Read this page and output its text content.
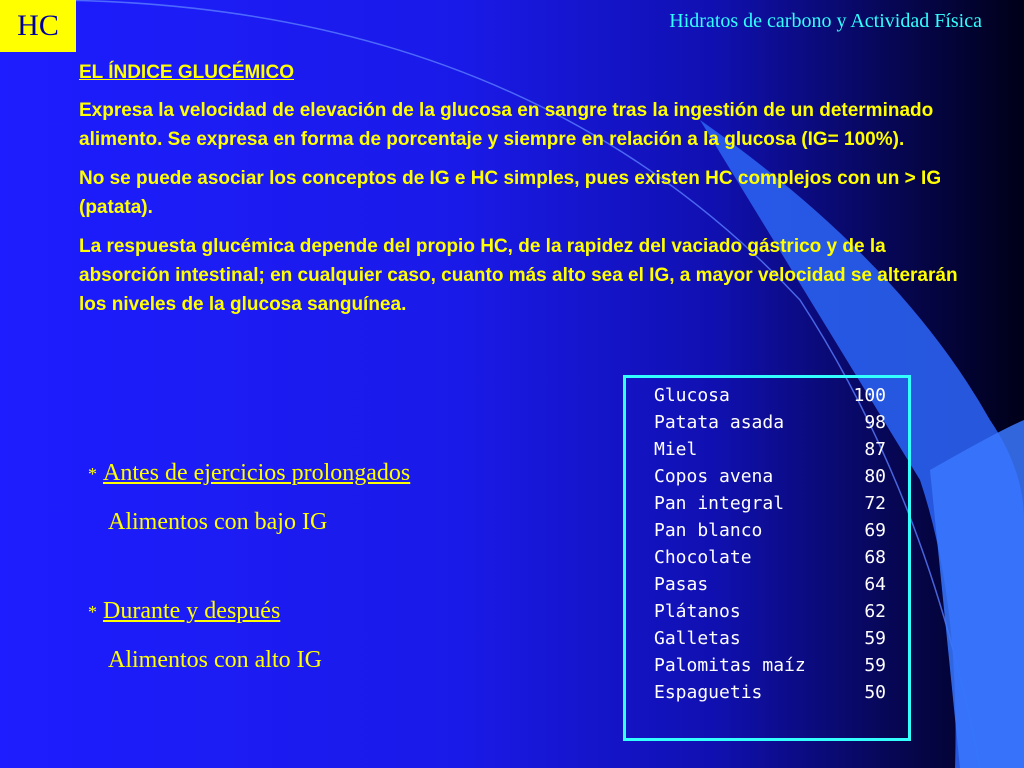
HC	Hidratos de carbono y Actividad Física
EL ÍNDICE GLUCÉMICO

Expresa la velocidad de elevación de la glucosa en sangre tras la ingestión de un determinado alimento. Se expresa en forma de porcentaje y siempre en relación a la glucosa (IG= 100%).

No se puede asociar los conceptos de IG e HC simples, pues existen HC complejos con un > IG (patata).

La respuesta glucémica depende del propio HC, de la rapidez del vaciado gástrico y de la absorción intestinal; en cualquier caso, cuanto más alto sea el IG, a mayor velocidad se alterarán los niveles de la glucosa sanguínea.

* Antes de ejercicios prolongados
Alimentos con bajo IG
* Durante y después
Alimentos con alto IG
Glucosa	100
Patata asada	98
Miel	87
Copos avena	80
Pan integral	72
Pan blanco	69
Chocolate	68
Pasas	64
Plátanos	62
Galletas	59
Palomitas maíz	59
Espaguetis	50
